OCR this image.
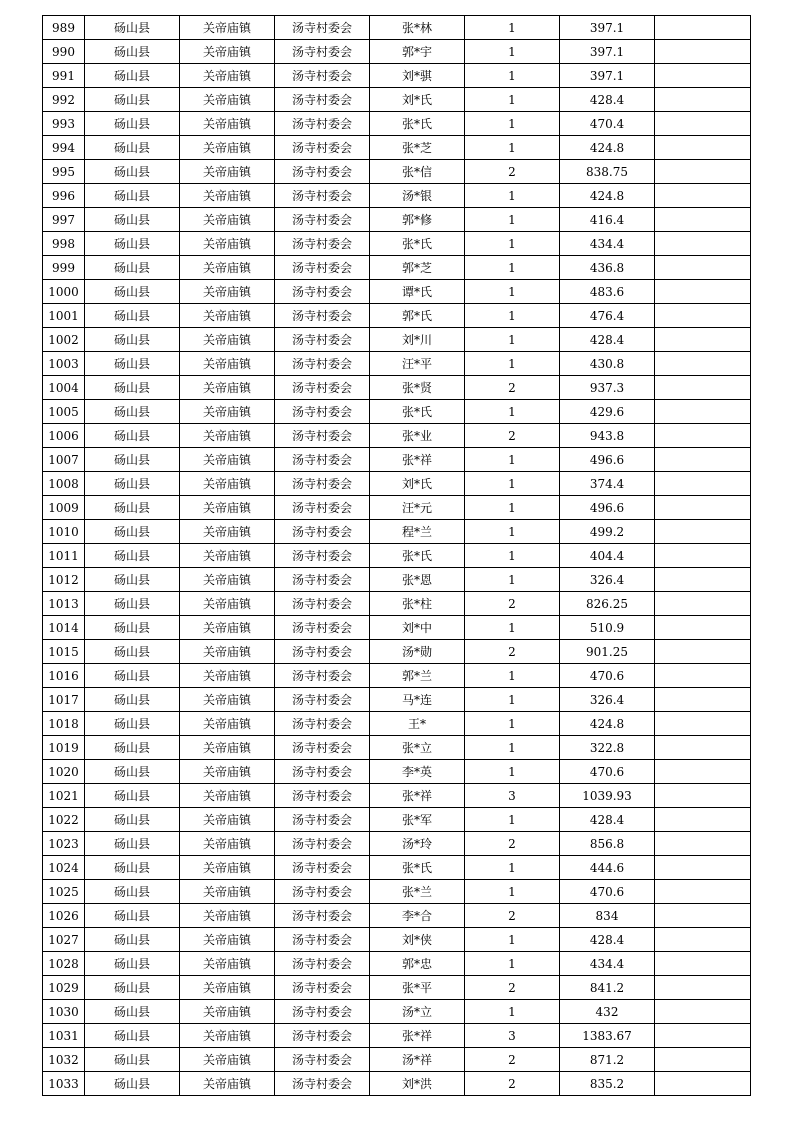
989	砀山县	关帝庙镇	汤寺村委会	张*林	1	397.1	
990	砀山县	关帝庙镇	汤寺村委会	郭*宇	1	397.1	
991	砀山县	关帝庙镇	汤寺村委会	刘*骐	1	397.1	
992	砀山县	关帝庙镇	汤寺村委会	刘*氏	1	428.4	
993	砀山县	关帝庙镇	汤寺村委会	张*氏	1	470.4	
994	砀山县	关帝庙镇	汤寺村委会	张*芝	1	424.8	
995	砀山县	关帝庙镇	汤寺村委会	张*信	2	838.75	
996	砀山县	关帝庙镇	汤寺村委会	汤*银	1	424.8	
997	砀山县	关帝庙镇	汤寺村委会	郭*修	1	416.4	
998	砀山县	关帝庙镇	汤寺村委会	张*氏	1	434.4	
999	砀山县	关帝庙镇	汤寺村委会	郭*芝	1	436.8	
1000	砀山县	关帝庙镇	汤寺村委会	谭*氏	1	483.6	
1001	砀山县	关帝庙镇	汤寺村委会	郭*氏	1	476.4	
1002	砀山县	关帝庙镇	汤寺村委会	刘*川	1	428.4	
1003	砀山县	关帝庙镇	汤寺村委会	汪*平	1	430.8	
1004	砀山县	关帝庙镇	汤寺村委会	张*贤	2	937.3	
1005	砀山县	关帝庙镇	汤寺村委会	张*氏	1	429.6	
1006	砀山县	关帝庙镇	汤寺村委会	张*业	2	943.8	
1007	砀山县	关帝庙镇	汤寺村委会	张*祥	1	496.6	
1008	砀山县	关帝庙镇	汤寺村委会	刘*氏	1	374.4	
1009	砀山县	关帝庙镇	汤寺村委会	汪*元	1	496.6	
1010	砀山县	关帝庙镇	汤寺村委会	程*兰	1	499.2	
1011	砀山县	关帝庙镇	汤寺村委会	张*氏	1	404.4	
1012	砀山县	关帝庙镇	汤寺村委会	张*恩	1	326.4	
1013	砀山县	关帝庙镇	汤寺村委会	张*柱	2	826.25	
1014	砀山县	关帝庙镇	汤寺村委会	刘*中	1	510.9	
1015	砀山县	关帝庙镇	汤寺村委会	汤*勋	2	901.25	
1016	砀山县	关帝庙镇	汤寺村委会	郭*兰	1	470.6	
1017	砀山县	关帝庙镇	汤寺村委会	马*连	1	326.4	
1018	砀山县	关帝庙镇	汤寺村委会	王*	1	424.8	
1019	砀山县	关帝庙镇	汤寺村委会	张*立	1	322.8	
1020	砀山县	关帝庙镇	汤寺村委会	李*英	1	470.6	
1021	砀山县	关帝庙镇	汤寺村委会	张*祥	3	1039.93	
1022	砀山县	关帝庙镇	汤寺村委会	张*军	1	428.4	
1023	砀山县	关帝庙镇	汤寺村委会	汤*玲	2	856.8	
1024	砀山县	关帝庙镇	汤寺村委会	张*氏	1	444.6	
1025	砀山县	关帝庙镇	汤寺村委会	张*兰	1	470.6	
1026	砀山县	关帝庙镇	汤寺村委会	李*合	2	834	
1027	砀山县	关帝庙镇	汤寺村委会	刘*侠	1	428.4	
1028	砀山县	关帝庙镇	汤寺村委会	郭*忠	1	434.4	
1029	砀山县	关帝庙镇	汤寺村委会	张*平	2	841.2	
1030	砀山县	关帝庙镇	汤寺村委会	汤*立	1	432	
1031	砀山县	关帝庙镇	汤寺村委会	张*祥	3	1383.67	
1032	砀山县	关帝庙镇	汤寺村委会	汤*祥	2	871.2	
1033	砀山县	关帝庙镇	汤寺村委会	刘*洪	2	835.2	
